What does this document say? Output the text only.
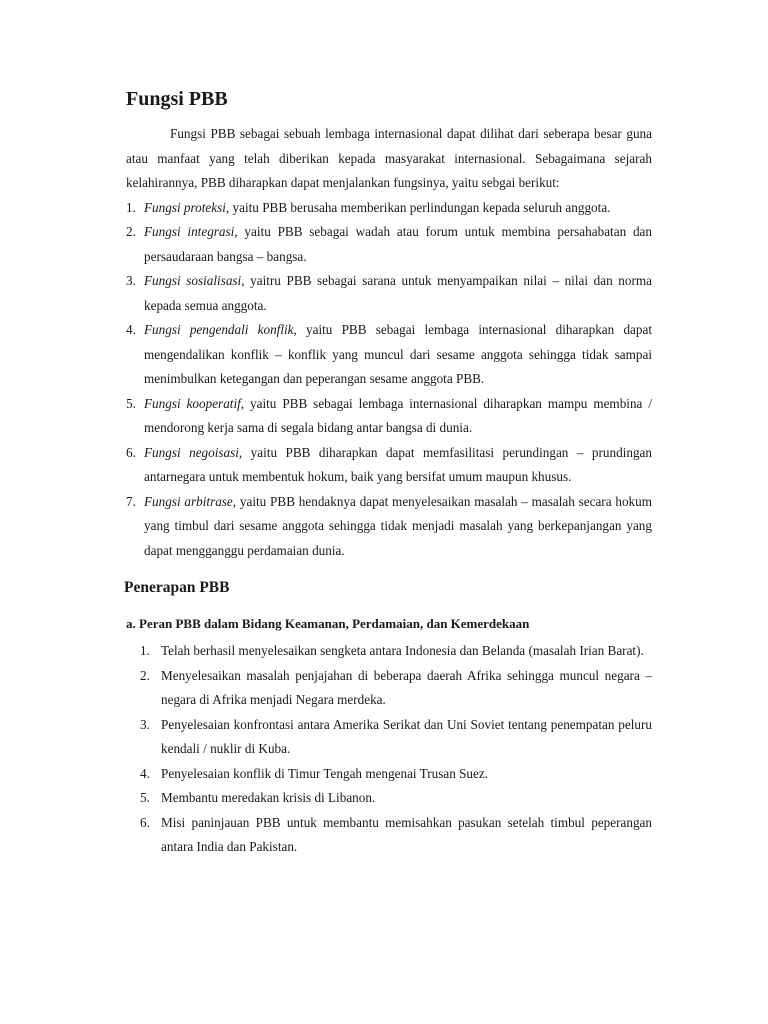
Fungsi PBB

Fungsi PBB sebagai sebuah lembaga internasional dapat dilihat dari seberapa besar guna atau manfaat yang telah diberikan kepada masyarakat internasional. Sebagaimana sejarah kelahirannya, PBB diharapkan dapat menjalankan fungsinya, yaitu sebgai berikut:

1. Fungsi proteksi, yaitu PBB berusaha memberikan perlindungan kepada seluruh anggota.
2. Fungsi integrasi, yaitu PBB sebagai wadah atau forum untuk membina persahabatan dan persaudaraan bangsa – bangsa.
3. Fungsi sosialisasi, yaitru PBB sebagai sarana untuk menyampaikan nilai – nilai dan norma kepada semua anggota.
4. Fungsi pengendali konflik, yaitu PBB sebagai lembaga internasional diharapkan dapat mengendalikan konflik – konflik yang muncul dari sesame anggota sehingga tidak sampai menimbulkan ketegangan dan peperangan sesame anggota PBB.
5. Fungsi kooperatif, yaitu PBB sebagai lembaga internasional diharapkan mampu membina / mendorong kerja sama di segala bidang antar bangsa di dunia.
6. Fungsi negoisasi, yaitu PBB diharapkan dapat memfasilitasi perundingan – prundingan antarnegara untuk membentuk hokum, baik yang bersifat umum maupun khusus.
7. Fungsi arbitrase, yaitu PBB hendaknya dapat menyelesaikan masalah – masalah secara hokum yang timbul dari sesame anggota sehingga tidak menjadi masalah yang berkepanjangan yang dapat mengganggu perdamaian dunia.
Penerapan PBB
a. Peran PBB dalam Bidang Keamanan, Perdamaian, dan Kemerdekaan
1. Telah berhasil menyelesaikan sengketa antara Indonesia dan Belanda (masalah Irian Barat).
2. Menyelesaikan masalah penjajahan di beberapa daerah Afrika sehingga muncul negara – negara di Afrika menjadi Negara merdeka.
3. Penyelesaian konfrontasi antara Amerika Serikat dan Uni Soviet tentang penempatan peluru kendali / nuklir di Kuba.
4. Penyelesaian konflik di Timur Tengah mengenai Trusan Suez.
5. Membantu meredakan krisis di Libanon.
6. Misi paninjauan PBB untuk membantu memisahkan pasukan setelah timbul peperangan antara India dan Pakistan.
